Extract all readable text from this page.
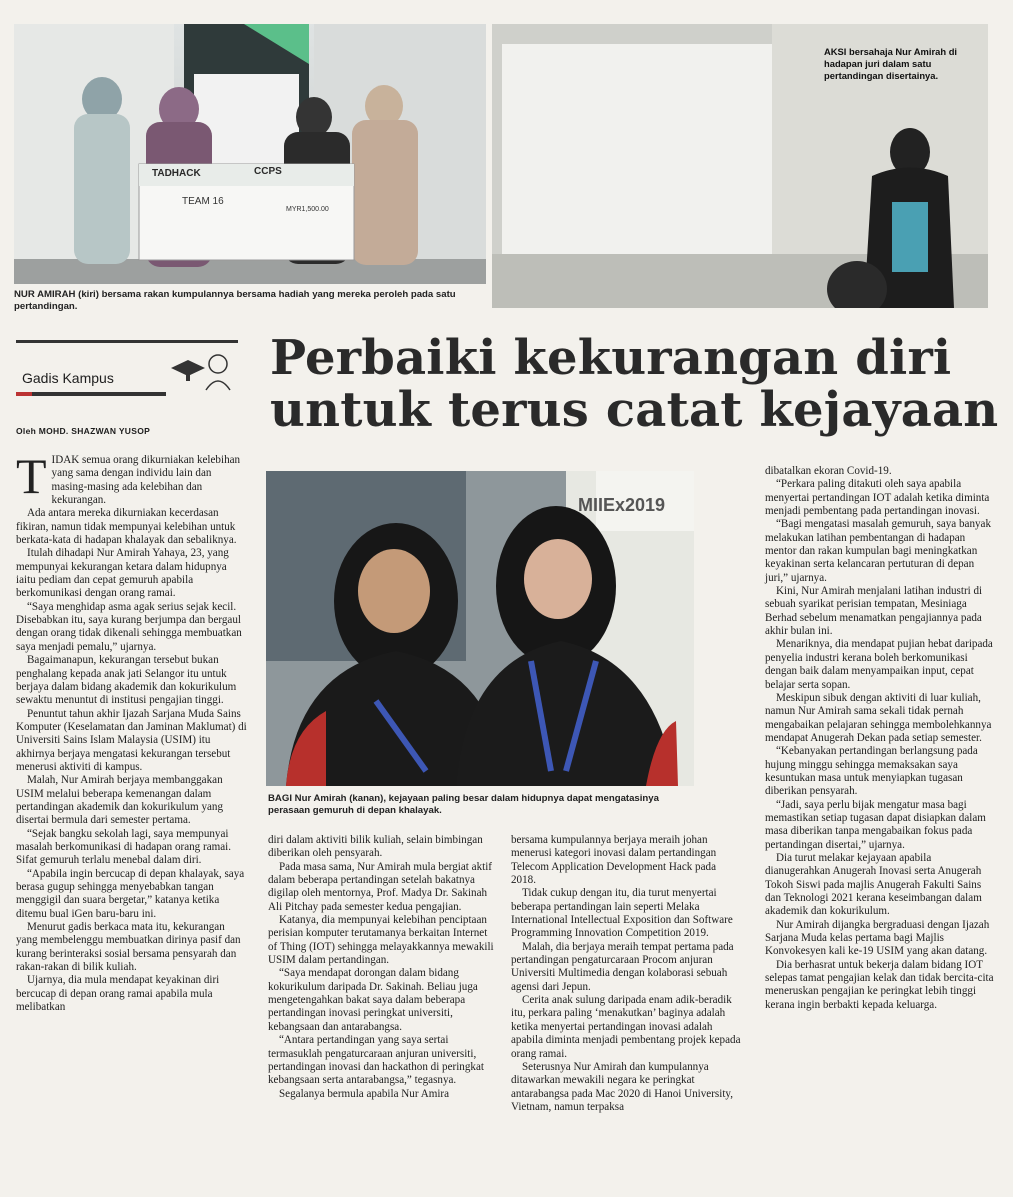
TADHACK	CCPS
TEAM 16
MYR1,500.00
NUR AMIRAH (kiri) bersama rakan kumpulannya bersama hadiah yang mereka peroleh pada satu pertandingan.
AKSI bersahaja Nur Amirah di hadapan juri dalam satu pertandingan disertainya.
Gadis Kampus	Perbaiki kekurangan diri
untuk terus catat kejayaan
Oleh MOHD. SHAZWAN YUSOP
MIIEx2019
BAGI Nur Amirah (kanan), kejayaan paling besar dalam hidupnya dapat mengatasinya perasaan gemuruh di depan khalayak.

TIDAK semua orang dikurniakan kelebihan yang sama dengan individu lain dan masing-masing ada kelebihan dan kekurangan.

Ada antara mereka dikurniakan kecerdasan fikiran, namun tidak mempunyai kelebihan untuk berkata-kata di hadapan khalayak dan sebaliknya.

Itulah dihadapi Nur Amirah Yahaya, 23, yang mempunyai kekurangan ketara dalam hidupnya iaitu pediam dan cepat gemuruh apabila berkomunikasi dengan orang ramai.

“Saya menghidap asma agak serius sejak kecil. Disebabkan itu, saya kurang berjumpa dan bergaul dengan orang tidak dikenali sehingga membuatkan saya menjadi pemalu,” ujarnya.

Bagaimanapun, kekurangan tersebut bukan penghalang kepada anak jati Selangor itu untuk berjaya dalam bidang akademik dan kokurikulum sewaktu menuntut di institusi pengajian tinggi.

Penuntut tahun akhir Ijazah Sarjana Muda Sains Komputer (Keselamatan dan Jaminan Maklumat) di Universiti Sains Islam Malaysia (USIM) itu akhirnya berjaya mengatasi kekurangan tersebut menerusi aktiviti di kampus.

Malah, Nur Amirah berjaya membanggakan USIM melalui beberapa kemenangan dalam pertandingan akademik dan kokurikulum yang disertai bermula dari semester pertama.

“Sejak bangku sekolah lagi, saya mempunyai masalah berkomunikasi di hadapan orang ramai. Sifat gemuruh terlalu menebal dalam diri.

“Apabila ingin bercucap di depan khalayak, saya berasa gugup sehingga menyebabkan tangan menggigil dan suara bergetar,” katanya ketika ditemu bual iGen baru-baru ini.

Menurut gadis berkaca mata itu, kekurangan yang membelenggu membuatkan dirinya pasif dan kurang berinteraksi sosial bersama pensyarah dan rakan-rakan di bilik kuliah.

Ujarnya, dia mula mendapat keyakinan diri bercucap di depan orang ramai apabila mula melibatkan

diri dalam aktiviti bilik kuliah, selain bimbingan diberikan oleh pensyarah.

Pada masa sama, Nur Amirah mula bergiat aktif dalam beberapa pertandingan setelah bakatnya digilap oleh mentornya, Prof. Madya Dr. Sakinah Ali Pitchay pada semester kedua pengajian.

Katanya, dia mempunyai kelebihan penciptaan perisian komputer terutamanya berkaitan Internet of Thing (IOT) sehingga melayakkannya mewakili USIM dalam pertandingan.

“Saya mendapat dorongan dalam bidang kokurikulum daripada Dr. Sakinah. Beliau juga mengetengahkan bakat saya dalam beberapa pertandingan inovasi peringkat universiti, kebangsaan dan antarabangsa.

“Antara pertandingan yang saya sertai termasuklah pengaturcaraan anjuran universiti, pertandingan inovasi dan hackathon di peringkat kebangsaan serta antarabangsa,” tegasnya.

Segalanya bermula apabila Nur Amira

bersama kumpulannya berjaya meraih johan menerusi kategori inovasi dalam pertandingan Telecom Application Development Hack pada 2018.

Tidak cukup dengan itu, dia turut menyertai beberapa pertandingan lain seperti Melaka International Intellectual Exposition dan Software Programming Innovation Competition 2019.

Malah, dia berjaya meraih tempat pertama pada pertandingan pengaturcaraan Procom anjuran Universiti Multimedia dengan kolaborasi sebuah agensi dari Jepun.

Cerita anak sulung daripada enam adik-beradik itu, perkara paling ‘menakutkan’ baginya adalah ketika menyertai pertandingan inovasi adalah apabila diminta menjadi pembentang projek kepada orang ramai.

Seterusnya Nur Amirah dan kumpulannya ditawarkan mewakili negara ke peringkat antarabangsa pada Mac 2020 di Hanoi University, Vietnam, namun terpaksa

dibatalkan ekoran Covid-19.

“Perkara paling ditakuti oleh saya apabila menyertai pertandingan IOT adalah ketika diminta menjadi pembentang pada pertandingan inovasi.

“Bagi mengatasi masalah gemuruh, saya banyak melakukan latihan pembentangan di hadapan mentor dan rakan kumpulan bagi meningkatkan keyakinan serta kelancaran pertuturan di depan juri,” ujarnya.

Kini, Nur Amirah menjalani latihan industri di sebuah syarikat perisian tempatan, Mesiniaga Berhad sebelum menamatkan pengajiannya pada akhir bulan ini.

Menariknya, dia mendapat pujian hebat daripada penyelia industri kerana boleh berkomunikasi dengan baik dalam menyampaikan input, cepat belajar serta sopan.

Meskipun sibuk dengan aktiviti di luar kuliah, namun Nur Amirah sama sekali tidak pernah mengabaikan pelajaran sehingga membolehkannya mendapat Anugerah Dekan pada setiap semester.

“Kebanyakan pertandingan berlangsung pada hujung minggu sehingga memaksakan saya kesuntukan masa untuk menyiapkan tugasan diberikan pensyarah.

“Jadi, saya perlu bijak mengatur masa bagi memastikan setiap tugasan dapat disiapkan dalam masa diberikan tanpa mengabaikan fokus pada pertandingan disertai,” ujarnya.

Dia turut melakar kejayaan apabila dianugerahkan Anugerah Inovasi serta Anugerah Tokoh Siswi pada majlis Anugerah Fakulti Sains dan Teknologi 2021 kerana keseimbangan dalam akademik dan kokurikulum.

Nur Amirah dijangka bergraduasi dengan Ijazah Sarjana Muda kelas pertama bagi Majlis Konvokesyen kali ke-19 USIM yang akan datang.

Dia berhasrat untuk bekerja dalam bidang IOT selepas tamat pengajian kelak dan tidak bercita-cita meneruskan pengajian ke peringkat lebih tinggi kerana ingin berbakti kepada keluarga.
